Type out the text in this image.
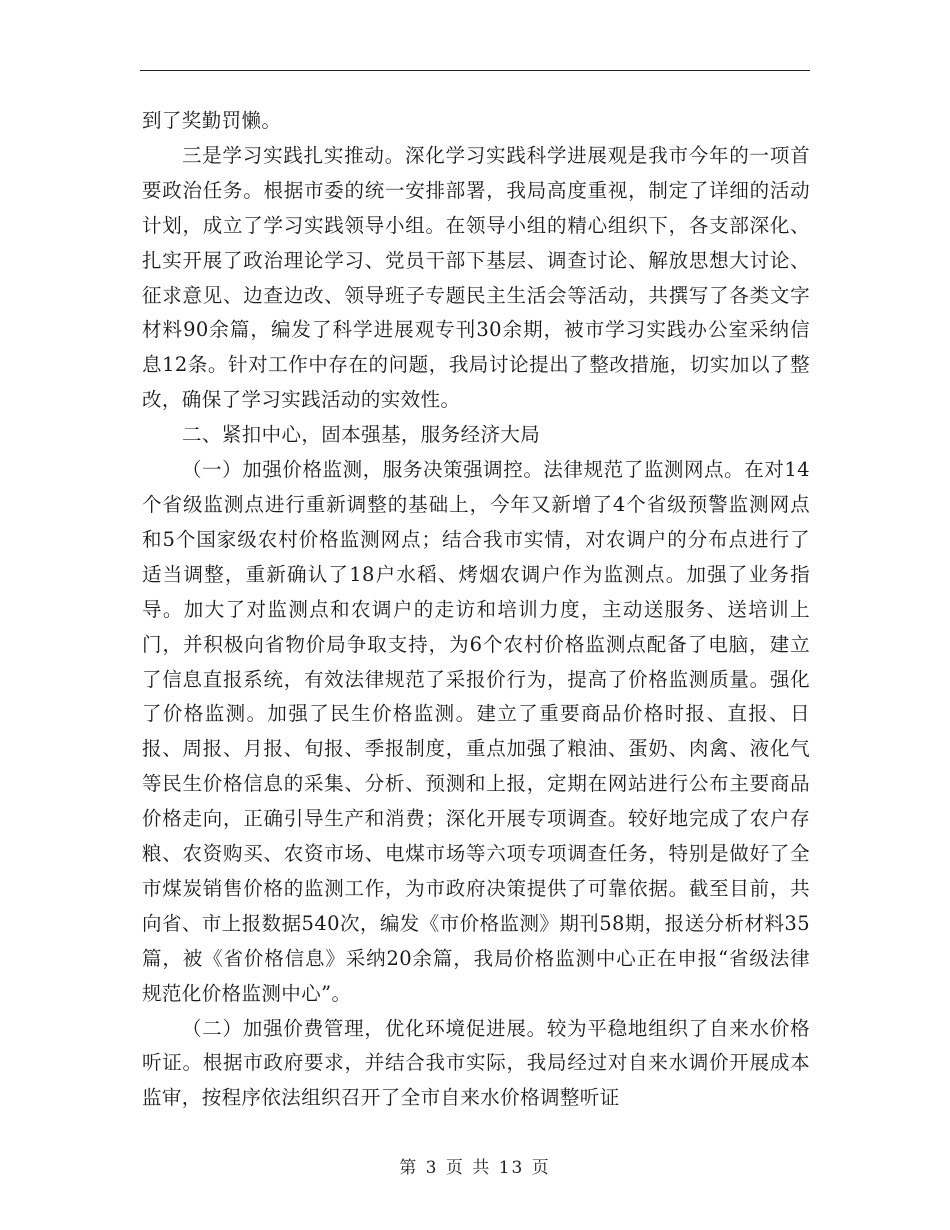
到了奖勤罚懒。

三是学习实践扎实推动。深化学习实践科学进展观是我市今年的一项首要政治任务。根据市委的统一安排部署，我局高度重视，制定了详细的活动计划，成立了学习实践领导小组。在领导小组的精心组织下，各支部深化、扎实开展了政治理论学习、党员干部下基层、调查讨论、解放思想大讨论、征求意见、边查边改、领导班子专题民主生活会等活动，共撰写了各类文字材料90余篇，编发了科学进展观专刊30余期，被市学习实践办公室采纳信息12条。针对工作中存在的问题，我局讨论提出了整改措施，切实加以了整改，确保了学习实践活动的实效性。

二、紧扣中心，固本强基，服务经济大局

（一）加强价格监测，服务决策强调控。法律规范了监测网点。在对14个省级监测点进行重新调整的基础上，今年又新增了4个省级预警监测网点和5个国家级农村价格监测网点；结合我市实情，对农调户的分布点进行了适当调整，重新确认了18户水稻、烤烟农调户作为监测点。加强了业务指导。加大了对监测点和农调户的走访和培训力度，主动送服务、送培训上门，并积极向省物价局争取支持，为6个农村价格监测点配备了电脑，建立了信息直报系统，有效法律规范了采报价行为，提高了价格监测质量。强化了价格监测。加强了民生价格监测。建立了重要商品价格时报、直报、日报、周报、月报、旬报、季报制度，重点加强了粮油、蛋奶、肉禽、液化气等民生价格信息的采集、分析、预测和上报，定期在网站进行公布主要商品价格走向，正确引导生产和消费；深化开展专项调查。较好地完成了农户存粮、农资购买、农资市场、电煤市场等六项专项调查任务，特别是做好了全市煤炭销售价格的监测工作，为市政府决策提供了可靠依据。截至目前，共向省、市上报数据540次，编发《市价格监测》期刊58期，报送分析材料35篇，被《省价格信息》采纳20余篇，我局价格监测中心正在申报“省级法律规范化价格监测中心”。

（二）加强价费管理，优化环境促进展。较为平稳地组织了自来水价格听证。根据市政府要求，并结合我市实际，我局经过对自来水调价开展成本监审，按程序依法组织召开了全市自来水价格调整听证

第 3 页 共 13 页
